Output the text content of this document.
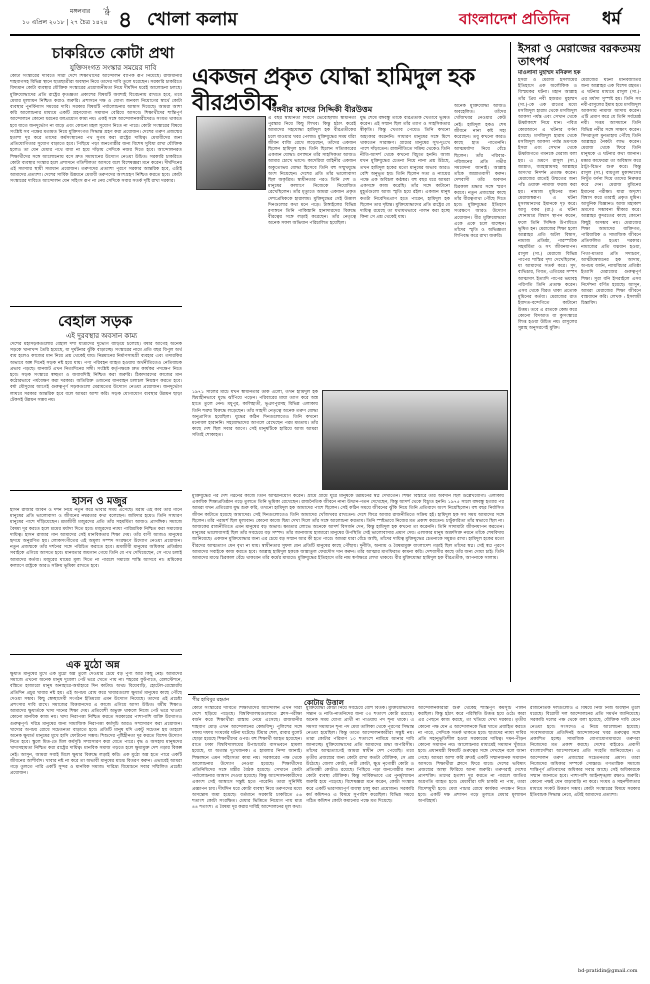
মঙ্গলবার
১০ এপ্রিল ২০১৮ | ২৭ চৈত্র ১৪২৪
পৃষ্ঠা ৪ খোলা কলাম	বাংলাদেশ প্রতিদিন ধর্ম
চাকরিতে কোটা প্রথা
যুক্তিসংগত সংস্কার সময়ের দাবি
কোটা সংস্কারের দাবিতে সারা দেশে শিক্ষার্থীদের আন্দোলন ব্যাপক রূপ নিয়েছে। রাজধানীর শাহবাগসহ বিভিন্ন স্থানে ছাত্রছাত্রীরা অবস্থান নিয়ে তাদের দাবি তুলে ধরেছেন। সরকারি চাকরিতে বিদ্যমান কোটা ব্যবস্থার যৌক্তিক সংস্কারের প্রয়োজনীয়তা নিয়ে দীর্ঘদিন ধরেই আলোচনা চলছে। মুক্তিযোদ্ধাদের প্রতি রাষ্ট্রের কৃতজ্ঞতা প্রকাশের বিষয়টি অবশ্যই বিবেচনায় রাখতে হবে, তবে মেধার মূল্যায়ন নিশ্চিত করাও জরুরি। প্রশাসনে দক্ষ ও যোগ্য জনবল নিয়োগের স্বার্থে কোটা ব্যবস্থার পুনর্বিন্যাস সময়ের দাবি। সরকার বিষয়টি পর্যালোচনার আশ্বাস দিয়েছে। আমরা আশা করি আলোচনার মাধ্যমে একটি গ্রহণযোগ্য সমাধান বেরিয়ে আসবে। শিক্ষার্থীদের শান্তিপূর্ণ আন্দোলনে কোনো ধরনের বলপ্রয়োগ কাম্য নয়। একই সঙ্গে আন্দোলনকারীদেরও সংযত থাকতে হবে যাতে জনদুর্ভোগ না বাড়ে এবং কোনো মহল সুযোগ নিতে না পারে। কোটা সংস্কারের বিষয়ে সংশ্লিষ্ট সব পক্ষের মতামত নিয়ে যুক্তিসংগত সিদ্ধান্ত গ্রহণ করা প্রয়োজন। দেশের তরুণ প্রজন্মের হতাশা দূর করে তাদের কর্মসংস্থানের পথ সুগম করা রাষ্ট্রের দায়িত্ব। মেধাবীদের জন্য প্রতিযোগিতার সুযোগ বাড়াতে হবে। পিছিয়ে পড়া জনগোষ্ঠীর জন্য বিশেষ সুবিধা রাখা যৌক্তিক হলেও তা যেন মেধার পথে বাধা না হয়ে দাঁড়ায় সেদিকে নজর দিতে হবে। আন্দোলনরত শিক্ষার্থীদের সঙ্গে আলোচনায় বসে দ্রুত সমাধানের উদ্যোগ নেওয়া উচিত। সরকারি চাকরিতে কোটা ব্যবস্থার সংস্কার হলে প্রশাসনে গতিশীলতা আসবে বলে বিশেষজ্ঞরা মনে করেন। দীর্ঘদিনের এই সমস্যার স্থায়ী সমাধান প্রয়োজন। তরুণদের প্রত্যাশা পূরণে সরকার আন্তরিক হবে, এটাই আমাদের প্রত্যাশা। দেশের সার্বিক উন্নয়নে মেধাবী তরুণদের অংশগ্রহণ নিশ্চিত করতে হবে। কোটা সংস্কারের দাবিতে আন্দোলন যেন সহিংস রূপ না নেয় সেদিকে সবার সতর্ক দৃষ্টি রাখা দরকার।
বেহাল সড়ক
এই দুরবস্থার অবসান কাম্য
দেশের মহাসড়কগুলোর বেহাল দশা যাত্রীদের দুর্ভোগ বাড়িয়ে চলেছে। বর্ষার আগেই অনেক সড়কে খানাখন্দ তৈরি হয়েছে, যা দুর্ঘটনার ঝুঁকি বাড়াচ্ছে। সংস্কারের নামে প্রতি বছর বিপুল অর্থ ব্যয় হলেও কাজের মান নিয়ে প্রশ্ন থেকেই যায়। নিম্নমানের নির্মাণসামগ্রী ব্যবহার এবং তদারকির অভাবে অল্প দিনেই সড়ক নষ্ট হয়ে যায়। পণ্য পরিবহন ব্যাহত হওয়ায় অর্থনীতিতেও নেতিবাচক প্রভাব পড়ছে। যানজট এখন নিত্যদিনের সঙ্গী। সংশ্লিষ্ট কর্তৃপক্ষকে দ্রুত কার্যকর পদক্ষেপ নিতে হবে। সড়ক সংস্কারে স্বচ্ছতা ও জবাবদিহি নিশ্চিত করা জরুরি। ঠিকাদারদের কাজের মান কঠোরভাবে পর্যবেক্ষণ করা দরকার। অতিরিক্ত ওজনের যানবাহন চলাচল নিয়ন্ত্রণ করতে হবে। বর্ষা মৌসুমের আগেই গুরুত্বপূর্ণ সড়কগুলো মেরামতের উদ্যোগ নেওয়া প্রয়োজন। জনদুর্ভোগ লাঘবে সরকার আন্তরিক হবে বলে আমরা আশা করি। সড়ক যোগাযোগ ব্যবস্থার উন্নয়ন ছাড়া টেকসই উন্নয়ন সম্ভব নয়।
হাসন ও মজুর
হাসন রাজার জীবন ও দর্শন নিয়ে নতুন করে ভাবার সময় এসেছে। মরমি এই কবি তাঁর গানে মানুষের প্রতি ভালোবাসা ও জীবনের নশ্বরতার কথা বলেছেন। জমিদার হয়েও তিনি সাধারণ মানুষের পাশে দাঁড়িয়েছেন। শ্রমজীবী মজুরদের প্রতি তাঁর সহমর্মিতা আজও প্রাসঙ্গিক। সমাজে বৈষম্য দূর করতে হলে শ্রমের মর্যাদা দিতে হবে। মজুরদের ন্যায্য পারিশ্রমিক নিশ্চিত করা সমাজের দায়িত্ব। হাসন রাজার গান আমাদের সেই মানবিকতার শিক্ষা দেয়। তাঁর বাণী আজও মানুষের হৃদয়ে অনুরণিত হয়। লোকসংগীতের এই অমূল্য সম্পদ সংরক্ষণে উদ্যোগ নেওয়া প্রয়োজন। নতুন প্রজন্মকে তাঁর দর্শনের সঙ্গে পরিচিত করাতে হবে। শ্রমজীবী মানুষের অধিকার প্রতিষ্ঠায় সবাইকে এগিয়ে আসতে হবে। মানবতার জয়গান গেয়ে তিনি যে পথ দেখিয়েছেন, সে পথে চলাই আমাদের কর্তব্য। মজুরের ঘামের মূল্য দিতে না পারলে সমাজে শান্তি আসবে না। শ্রমিকের কল্যাণে রাষ্ট্রকে আরও সক্রিয় ভূমিকা রাখতে হবে।
এক মুঠো অন্ন
ক্ষুধার্ত মানুষের মুখে এক মুঠো অন্ন তুলে দেওয়ার চেয়ে বড় পুণ্য আর কিছু নেই। আমাদের সমাজে এখনো অনেক মানুষ দুবেলা পেট ভরে খেতে পায় না। শহরের ফুটপাতে, রেলস্টেশনে, বস্তিতে হাজারো মানুষ অনাহারে-অর্ধাহারে দিন কাটায়। অথচ বিয়েবাড়ি, হোটেল-রেস্তোরাঁয় প্রতিদিন প্রচুর খাবার নষ্ট হয়। এই অপচয় রোধ করে খাবারগুলো ক্ষুধার্ত মানুষের কাছে পৌঁছে দেওয়া সম্ভব। কিছু স্বেচ্ছাসেবী সংগঠন ইতিমধ্যে এমন উদ্যোগ নিয়েছে। তাদের এই প্রচেষ্টা প্রশংসার দাবি রাখে। সমাজের বিত্তবানদের এ কাজে এগিয়ে আসা উচিত। ধর্মীয় শিক্ষাও আমাদের ক্ষুধার্তকে খাদ্য দানের শিক্ষা দেয়। প্রতিবেশী অভুক্ত থাকলে নিজে পেট ভরে খাওয়া কোনো মানবিক কাজ নয়। খাদ্য নিরাপত্তা নিশ্চিত করতে সরকারের পাশাপাশি ব্যক্তি উদ্যোগও গুরুত্বপূর্ণ। দরিদ্র মানুষের জন্য সামাজিক নিরাপত্তা কর্মসূচি আরও সম্প্রসারণ করা প্রয়োজন। খাদ্যের অপচয় রোধে সচেতনতা বাড়াতে হবে। প্রতিটি মানুষ যদি একটু সচেতন হয় তাহলে অনেক ক্ষুধার্ত মানুষের মুখে হাসি ফোটানো সম্ভব। শিশুদের পুষ্টিহীনতা দূর করতে বিশেষ উদ্যোগ নিতে হবে। স্কুলে মিড-ডে মিল কর্মসূচি সম্প্রসারণ করা যেতে পারে। বৃদ্ধ ও অসহায় মানুষদের খাদ্যসহায়তা নিশ্চিত করা রাষ্ট্রের দায়িত্ব। মানবিক সমাজ গড়তে হলে ক্ষুধামুক্ত দেশ গড়ার বিকল্প নেই। আসুন, আমরা সবাই মিলে ক্ষুধার বিরুদ্ধে লড়াই করি। এক মুঠো অন্ন হতে পারে একটি জীবনের আশীর্বাদ। খাবার নষ্ট না করে তা অভাবী মানুষের মাঝে বিতরণ করুন। এভাবেই আমরা গড়ে তুলতে পারি একটি সুন্দর ও মানবিক সমাজ। দারিদ্র্য বিমোচনে সবার সম্মিলিত প্রচেষ্টা প্রয়োজন।
একজন প্রকৃত যোদ্ধা হামিদুল হক বীরপ্রতীক
বঙ্গবীর কাদের সিদ্দিকী বীরউত্তম
এ বছর স্বাধীনতা দিবসে ভেবেছিলাম স্বাধীনতা পুরস্কার নিয়ে কিছু লিখব। কিন্তু হঠাৎ করেই আমাদের সহযোদ্ধা হামিদুল হক বীরপ্রতীকের চলে যাওয়ার খবর পেলাম। মুক্তিযুদ্ধের সময় যাঁরা জীবন বাজি রেখে লড়েছেন, তাঁদের একজন ছিলেন হামিদুল হক। তিনি ছিলেন সত্যিকারের একজন যোদ্ধা। রণাঙ্গনে তাঁর সাহসিকতা আজও আমার চোখে ভাসে। কাদেরিয়া বাহিনীর একজন অকুতোভয় যোদ্ধা হিসেবে তিনি বহু সম্মুখযুদ্ধে অংশ নিয়েছেন। দেশের প্রতি তাঁর ভালোবাসা ছিল অকৃত্রিম। স্বাধীনতার পরও তিনি দেশ ও মানুষের কল্যাণে নিজেকে নিয়োজিত রেখেছিলেন। তাঁর মৃত্যুতে আমরা একজন প্রকৃত দেশপ্রেমিককে হারালাম। মুক্তিযুদ্ধের সেই উত্তাল দিনগুলোর কথা মনে পড়ে। টাঙ্গাইলের বিভিন্ন রণাঙ্গনে তিনি পাকিস্তানি হানাদারদের বিরুদ্ধে বীরত্বের সঙ্গে লড়াই করেছেন। তাঁর নেতৃত্বে অনেক সফল অভিযান পরিচালিত হয়েছিল।
যুদ্ধ শেষে বঙ্গবন্ধু তাঁকে বীরপ্রতীক খেতাবে ভূষিত করেন। এই সম্মান ছিল তাঁর ত্যাগ ও সাহসিকতার স্বীকৃতি। কিন্তু খেতাব পেয়েও তিনি কখনো অহংকার করেননি। সাধারণ মানুষের সঙ্গে মিশে থাকতেন সারাক্ষণ। গ্রামের মানুষের সুখ-দুঃখে পাশে দাঁড়াতেন। রাজনীতিতে সক্রিয় থেকেও তিনি নীতি-আদর্শ থেকে কখনো বিচ্যুত হননি। আজ যখন মুক্তিযুদ্ধের চেতনা নিয়ে নানা প্রশ্ন উঠছে, তখন হামিদুল হকের মতো মানুষের অভাব আরও বেশি অনুভূত হয়। তিনি ছিলেন সত্য ও ন্যায়ের পক্ষে এক অবিচল কণ্ঠস্বর। বহু বছর ধরে আমরা একসঙ্গে কাজ করেছি। তাঁর সঙ্গে কাটানো মুহূর্তগুলো আজ স্মৃতি হয়ে রইল। একজন মানুষ কতটা নিবেদিতপ্রাণ হতে পারেন, হামিদুল হক ছিলেন তার দৃষ্টান্ত। মুক্তিযোদ্ধাদের প্রতি রাষ্ট্রের যে দায়িত্ব রয়েছে তা যথাযথভাবে পালন করা হচ্ছে কিনা সে প্রশ্ন থেকেই যায়।
অনেক মুক্তিযোদ্ধা আজও অবহেলিত। তাঁদের খোঁজখবর নেওয়ার কেউ নেই। হামিদুল হকও শেষ জীবনে নানা কষ্ট সহ্য করেছেন। তবু কখনো কারও কাছে হাত পাতেননি। আত্মমর্যাদা নিয়ে বেঁচে ছিলেন। তাঁর পরিবার-পরিজনের প্রতি গভীর সমবেদনা জানাই। আল্লাহ তাঁকে জান্নাতবাসী করুন। দেশবাসী তাঁর অবদান চিরকাল শ্রদ্ধার সঙ্গে স্মরণ করবে। নতুন প্রজন্মের কাছে তাঁর বীরত্বগাথা পৌঁছে দিতে হবে। মুক্তিযুদ্ধের ইতিহাস সংরক্ষণে আরও উদ্যোগ প্রয়োজন। বীর মুক্তিযোদ্ধারা একে একে চলে যাচ্ছেন। তাঁদের স্মৃতি ও অভিজ্ঞতা লিপিবদ্ধ করে রাখা জরুরি।
১৯৭১ সালের মার্চে যখন স্বাধীনতার ডাক এলো, তখন হামিদুল হক দ্বিধাহীনভাবে যুদ্ধে ঝাঁপিয়ে পড়েন। পরিবারের মায়া ত্যাগ করে অস্ত্র হাতে তুলে নেন। মধুপুর, কালিহাতী, ভূঞাপুরসহ বিভিন্ন এলাকায় তিনি শত্রুর বিরুদ্ধে লড়েছেন। তাঁর সাহসী নেতৃত্বে অনেক তরুণ যোদ্ধা অনুপ্রাণিত হয়েছিল। যুদ্ধের কঠিন দিনগুলোতেও তিনি কখনো মনোবল হারাননি। সহযোদ্ধাদের আগলে রেখেছেন পরম মমতায়। তাঁর কাছে দেশ ছিল সবার আগে। সেই মানুষটিকে হারিয়ে আজ আমরা সত্যিই শোকাহত।
মুক্তিযুদ্ধের পর দেশ গঠনের কাজে তিনি আত্মনিয়োগ করেন। গ্রামে গ্রামে ঘুরে মানুষকে উন্নয়নের স্বপ্ন দেখাতেন। শিক্ষা বিস্তারে তাঁর অবদান ছিল উল্লেখযোগ্য। এলাকায় একাধিক শিক্ষাপ্রতিষ্ঠান গড়ে তুলতে তিনি ভূমিকা রেখেছেন। রাজনৈতিক জীবনে নানা উত্থান-পতন দেখেছেন, কিন্তু আদর্শ থেকে বিচ্যুত হননি। ১৯৭৫ সালে বঙ্গবন্ধু হত্যার পর আমরা যখন প্রতিরোধ যুদ্ধ শুরু করি, তখনো হামিদুল হক আমাদের পাশে ছিলেন। সেই কঠিন সময়ে জীবনের ঝুঁকি নিয়ে তিনি প্রতিবাদে অংশ নিয়েছিলেন। বহু বছর নির্বাসিত জীবন কাটাতে হয়েছে আমাদের। সেই দিনগুলোতেও তিনি আমাদের খোঁজখবর রাখতেন। দেশে ফিরে আবার রাজনীতিতে সক্রিয় হই। হামিদুল হক সব সময় আমাদের সঙ্গে ছিলেন। তাঁর পরামর্শ ছিল মূল্যবান। কোনো কাজে দ্বিধা দেখা দিলে তাঁর সঙ্গে আলোচনা করতাম। তিনি স্পষ্টভাবে নিজের মত প্রকাশ করতেন। চাটুকারিতা তাঁর স্বভাবে ছিল না। আজকের রাজনীতিতে এমন মানুষের বড় অভাব। ক্ষমতার লোভে অনেকে আদর্শ বিসর্জন দেন, কিন্তু হামিদুল হক কখনো তা করেননি। তিনি সাদামাটা জীবনযাপন করতেন। মানুষের ভালোবাসাই ছিল তাঁর সবচেয়ে বড় সম্পদ। তাঁর জানাজায় হাজারো মানুষের উপস্থিতি সেই ভালোবাসার প্রমাণ দেয়। এলাকার মানুষ অশ্রুসিক্ত নয়নে তাঁকে শেষবিদায় জানিয়েছে। একজন মুক্তিযোদ্ধার জন্য এর চেয়ে বড় সম্মান আর কী হতে পারে। আমরা যারা বেঁচে আছি, তাঁদের দায়িত্ব মুক্তিযুদ্ধের চেতনাকে সমুন্নত রাখা। হামিদুল হকের মতো বীরদের আত্মত্যাগ যেন বৃথা না যায়। স্বাধীনতার সুফল যেন প্রতিটি মানুষের কাছে পৌঁছায়। দুর্নীতি, অন্যায় ও বৈষম্যমুক্ত বাংলাদেশ গড়াই ছিল তাঁদের স্বপ্ন। সেই স্বপ্ন পূরণে আমাদের সবাইকে কাজ করতে হবে। আল্লাহ হামিদুল হককে জান্নাতুল ফেরদৌস দান করুন। তাঁর আত্মার মাগফিরাত কামনা করি। দেশবাসীর কাছে তাঁর জন্য দোয়া চাই। তিনি আমাদের মাঝে চিরকাল বেঁচে থাকবেন তাঁর কর্মের মাধ্যমে। মুক্তিযুদ্ধের ইতিহাসে তাঁর নাম স্বর্ণাক্ষরে লেখা থাকবে। বীর মুক্তিযোদ্ধা হামিদুল হক বীরপ্রতীক, আপনাকে সালাম।
ইসরা ও মেরাজের বরকতময় তাৎপর্য
মাওলানা মুহাম্মদ মনিরুল হক
ইসরা ও মেরাজ ইসলামের ইতিহাসে এক অলৌকিক ও বিস্ময়কর ঘটনা। মহান আল্লাহ তাঁর প্রিয় নবী হজরত মুহাম্মদ (সা.)-কে এক রাতের মধ্যে মসজিদুল হারাম থেকে মসজিদুল আকসা পর্যন্ত এবং সেখান থেকে ঊর্ধ্বাকাশে নিয়ে যান। পবিত্র কোরআনে এ ঘটনার বর্ণনা রয়েছে। মসজিদুল হারাম থেকে মসজিদুল আকসা পর্যন্ত ভ্রমণকে ইসরা এবং সেখান থেকে ঊর্ধ্বজগতে গমনকে মেরাজ বলা হয়। এ ভ্রমণে রাসুল (সা.) জান্নাত, জাহান্নামসহ আল্লাহর অসংখ্য নিদর্শন প্রত্যক্ষ করেন। মেরাজের রাতেই উম্মতের জন্য পাঁচ ওয়াক্ত নামাজ ফরজ করা হয়। নামাজ মুমিনের জন্য মেরাজস্বরূপ। এ ঘটনা মুসলমানদের ইমানকে দৃঢ় করে। আবু বকর (রা.) এ ঘটনা শোনামাত্র বিশ্বাস স্থাপন করেন, ফলে তিনি সিদ্দিক উপাধিতে ভূষিত হন। মেরাজের শিক্ষা হলো আল্লাহর প্রতি অটল বিশ্বাস, নামাজ প্রতিষ্ঠা, পারস্পরিক সহমর্মিতা ও সৎ জীবনযাপন। রাসুল (সা.) মেরাজে বিভিন্ন পাপের শাস্তির দৃশ্য দেখেছিলেন, যা আমাদের সতর্ক করে। সুদ, ব্যভিচার, গিবত, এতিমের সম্পদ আত্মসাৎ ইত্যাদি পাপের ভয়াবহ পরিণতি তিনি প্রত্যক্ষ করেন। এসব থেকে বিরত থাকা প্রত্যেক মুমিনের কর্তব্য। মেরাজের রাত ইবাদত-বন্দেগিতে কাটানো উত্তম। তবে এ রাতকে কেন্দ্র করে কোনো বিদআত বা কুসংস্কারে লিপ্ত হওয়া উচিত নয়। রাসুলের সুন্নাহ অনুসরণেই মুক্তি।
মেরাজের ঘটনা মানবজাতির জন্য আল্লাহর এক বিশেষ রহমত। এ ঘটনার মাধ্যমে রাসুল (সা.)-এর মর্যাদা সুস্পষ্ট হয়। তিনি সব নবী-রাসুলের ইমাম হয়ে মসজিদুল আকসায় নামাজ আদায় করেন। এটি প্রমাণ করে যে তিনি সর্বশ্রেষ্ঠ নবী। সপ্তম আসমানে তিনি বিভিন্ন নবীর সঙ্গে সাক্ষাৎ করেন। সিদরাতুল মুনতাহায় পৌঁছে তিনি আল্লাহর নৈকট্য লাভ করেন। মেরাজ থেকে ফিরে তিনি মানুষকে এ ঘটনার কথা জানান। মক্কার কাফেররা তা অবিশ্বাস করে ঠাট্টা-বিদ্রূপ শুরু করে। কিন্তু রাসুল (সা.) বায়তুল মুকাদ্দাসের নিখুঁত বর্ণনা দিয়ে তাদের নিরুত্তর করে দেন। মেরাজ মুমিনের ইমানের পরীক্ষা। যারা অদৃশ্যে বিশ্বাস করে তারাই প্রকৃত মুমিন। আধুনিক বিজ্ঞানও আজ মহাকাশ ভ্রমণের সম্ভাবনা স্বীকার করে। আল্লাহর কুদরতের কাছে কোনো কিছুই অসম্ভব নয়। মেরাজের শিক্ষা আমাদের ব্যক্তিগত, পারিবারিক ও সামাজিক জীবনে প্রতিফলিত হওয়া দরকার। নামাজের প্রতি যত্নবান হওয়া, পিতা-মাতার প্রতি সদাচরণ, আত্মীয়স্বজনের হক আদায়, অপচয় বর্জন, ন্যায়বিচার প্রতিষ্ঠা ইত্যাদি মেরাজের গুরুত্বপূর্ণ শিক্ষা। সুরা বনি ইসরাইলে এসব নির্দেশনা বর্ণিত হয়েছে। আসুন, আমরা মেরাজের শিক্ষা জীবনে বাস্তবায়ন করি। লেখক : ইসলামী চিন্তাবিদ।
কোটায় উত্তাল
পীর হাবিবুর রহমান
কোটা সংস্কারের দাবিতে শিক্ষার্থীদের আন্দোলন এখন সারা দেশে ছড়িয়ে পড়েছে। বিশ্ববিদ্যালয়গুলোতে ক্লাস-পরীক্ষা বর্জন করে শিক্ষার্থীরা রাস্তায় নেমে এসেছে। রাজধানীর শাহবাগ মোড় এখন আন্দোলনের কেন্দ্রবিন্দু। পুলিশের সঙ্গে দফায় দফায় সংঘর্ষের ঘটনা ঘটেছে। টিয়ার শেল, রাবার বুলেট ছোড়া হয়েছে শিক্ষার্থীদের ওপর। বহু শিক্ষার্থী আহত হয়েছেন। রাতে ঢাকা বিশ্ববিদ্যালয়ের উপাচার্যের বাসভবনে হামলা হয়েছে, যা অত্যন্ত দুঃখজনক। এ হামলার নিন্দা জানাই। শিক্ষাঙ্গনে এমন সহিংসতা কাম্য নয়। সরকারের পক্ষ থেকে আলোচনার উদ্যোগ নেওয়া হয়েছে। শিক্ষার্থীদের প্রতিনিধিদের সঙ্গে মন্ত্রীর বৈঠক হয়েছে। সেখানে কোটা পর্যালোচনার আশ্বাস দেওয়া হয়েছে। কিন্তু আন্দোলনকারীদের একাংশ সেই আশ্বাসে সন্তুষ্ট হতে পারেনি। তারা সুনির্দিষ্ট প্রজ্ঞাপন চায়। দীর্ঘদিন ধরে কোটা ব্যবস্থা নিয়ে তরুণদের মধ্যে অসন্তোষ জমা হয়েছে। বর্তমানে সরকারি চাকরিতে ৫৬ শতাংশ কোটা সংরক্ষিত। মেধার ভিত্তিতে নিয়োগ পায় মাত্র ৪৪ শতাংশ। এ বৈষম্য দূর করার দাবিই আন্দোলনের মূল কথা।
মুক্তিযোদ্ধা কোটা নিয়ে সবচেয়ে বেশি বিতর্ক। মুক্তিযোদ্ধাদের সন্তান ও নাতি-নাতনিদের জন্য ৩০ শতাংশ কোটা রয়েছে। অনেক সময় যোগ্য প্রার্থী না পাওয়ায় পদ শূন্য থাকে। এ সমস্যা সমাধানে শূন্য পদ মেধা তালিকা থেকে পূরণের সিদ্ধান্ত নেওয়া হয়েছিল। কিন্তু তাতে আন্দোলনকারীরা সন্তুষ্ট নয়। তারা কোটার পরিমাণ ১০ শতাংশে নামিয়ে আনার দাবি জানাচ্ছে। মুক্তিযোদ্ধাদের প্রতি আমাদের শ্রদ্ধা অপরিসীম। তাঁদের আত্মত্যাগেই আমরা স্বাধীন দেশ পেয়েছি। তবে তৃতীয় প্রজন্মের জন্য কোটা রাখা কতটা যৌক্তিক, সে প্রশ্ন উঠেছে। জেলা কোটা, নারী কোটা, ক্ষুদ্র নৃগোষ্ঠী কোটা ও প্রতিবন্ধী কোটাও রয়েছে। পিছিয়ে পড়া জনগোষ্ঠীর জন্য কোটা ব্যবস্থা যৌক্তিক। কিন্তু সার্বিকভাবে এর পুনর্মূল্যায়ন জরুরি হয়ে পড়েছে। বিশেষজ্ঞরা মনে করেন, কোটা সংস্কার করে একটি ভারসাম্যপূর্ণ ব্যবস্থা চালু করা প্রয়োজন। সরকারি কর্ম কমিশনও এ বিষয়ে সুপারিশ করেছিল। বিভিন্ন সময়ে গঠিত কমিশন কোটা কমানোর পক্ষে মত দিয়েছে।
আন্দোলনকারীরা শুরু থেকেই শান্তিপূর্ণ কর্মসূচি পালন করছিল। কিন্তু হঠাৎ করে পরিস্থিতি উত্তপ্ত হয়ে ওঠে। কারা এর পেছনে কাজ করছে, তা খতিয়ে দেখা দরকার। তৃতীয় কোনো পক্ষ যেন এ আন্দোলনকে ভিন্ন খাতে প্রবাহিত করতে না পারে, সেদিকে সতর্ক থাকতে হবে। ছাত্রদের ন্যায্য দাবির প্রতি সহানুভূতিশীল হওয়া সরকারের দায়িত্ব। দমন-পীড়ন কোনো সমাধান নয়। আলোচনার মাধ্যমেই সমাধান খুঁজতে হবে। প্রধানমন্ত্রী বিষয়টি গুরুত্বের সঙ্গে দেখছেন বলে জানা গেছে। আমরা আশা করি দ্রুতই একটি সম্মানজনক সমাধান আসবে। শিক্ষার্থীরা ক্লাসে ফিরে যাবে। দেশের ভবিষ্যৎ প্রজন্মের আস্থা ফিরিয়ে আনা জরুরি। তরুণরাই দেশের প্রাণশক্তি। তাদের হতাশা দূর করতে না পারলে জাতির অগ্রগতি ব্যাহত হবে। মেধাবীরা যদি চাকরি না পায়, তারা বিদেশমুখী হবে। মেধা পাচার রোধে কার্যকর পদক্ষেপ নিতে হবে। একটি দক্ষ প্রশাসন গড়ে তুলতে মেধার মূল্যায়ন অপরিহার্য।
রাজনৈতিক দলগুলোও এ বিষয়ে নিজ নিজ অবস্থান তুলে ধরেছে। বিরোধী দল আন্দোলনের প্রতি সমর্থন জানিয়েছে। সরকারি দলের পক্ষ থেকে বলা হয়েছে, যৌক্তিক দাবি মেনে নেওয়া হবে। সংসদেও এ নিয়ে আলোচনা হয়েছে। সংবাদমাধ্যমে প্রতিদিনই আন্দোলনের খবর গুরুত্বের সঙ্গে প্রকাশিত হচ্ছে। সামাজিক যোগাযোগমাধ্যমে তরুণরা নিজেদের মত প্রকাশ করছে। দেশের বাইরেও প্রবাসী বাংলাদেশিরা আন্দোলনের প্রতি সংহতি জানিয়েছেন। এ আন্দোলন তরুণ প্রজন্মের সচেতনতার প্রমাণ। তারা নিজেদের অধিকার সম্পর্কে সোচ্চার। গণতান্ত্রিক সমাজে শান্তিপূর্ণ প্রতিবাদের অধিকার সবার আছে। সেই অধিকারকে সম্মান জানাতে হবে। পাশাপাশি আইনশৃঙ্খলা রক্ষাও জরুরি। কোনো পক্ষই যেন বাড়াবাড়ি না করে। সংযম ও সহনশীলতার মাধ্যমে সংকট উত্তরণ সম্ভব। কোটা সংস্কারের বিষয়ে সরকার ইতিবাচক সিদ্ধান্ত নেবে, এটাই আমাদের প্রত্যাশা।
bd-pratidin@gmail.com
